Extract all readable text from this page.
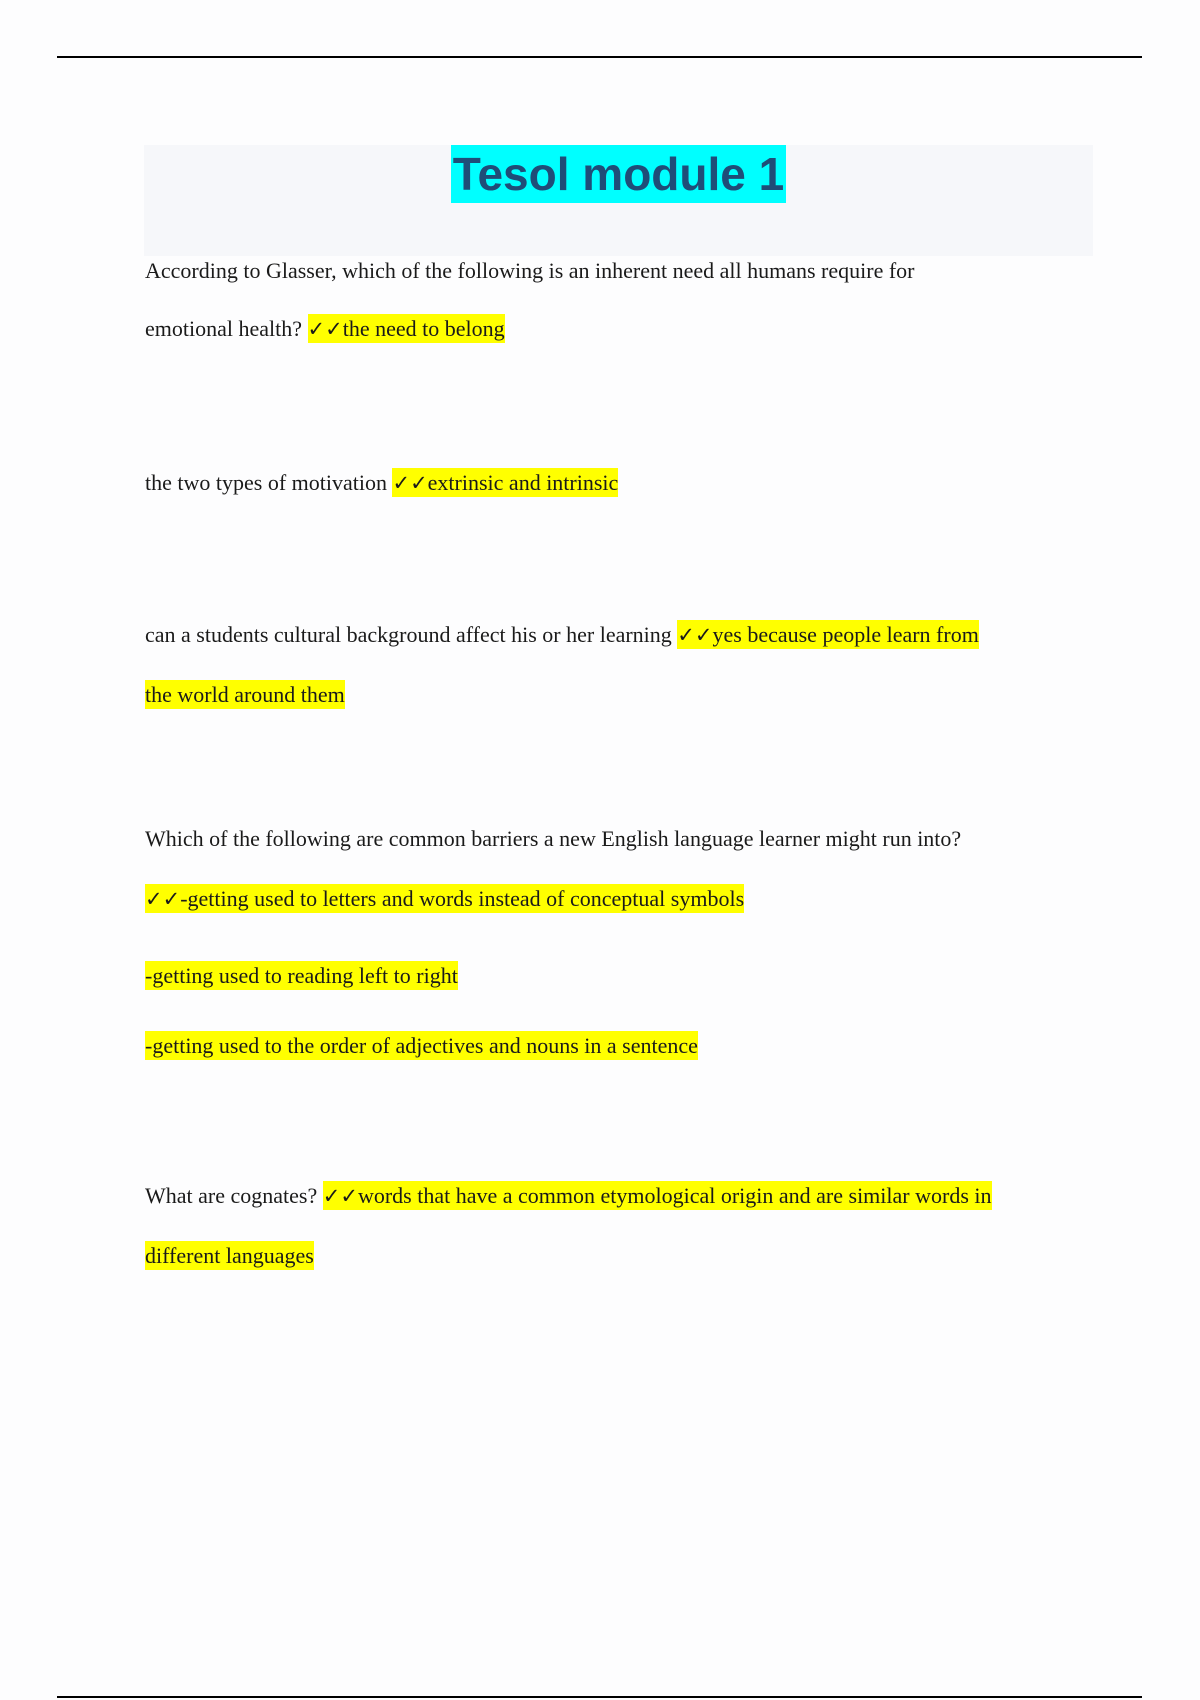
Tesol module 1
According to Glasser, which of the following is an inherent need all humans require for
emotional health? ✓✓the need to belong
the two types of motivation ✓✓extrinsic and intrinsic
can a students cultural background affect his or her learning ✓✓yes because people learn from
the world around them
Which of the following are common barriers a new English language learner might run into?
✓✓-getting used to letters and words instead of conceptual symbols
-getting used to reading left to right
-getting used to the order of adjectives and nouns in a sentence
What are cognates? ✓✓words that have a common etymological origin and are similar words in
different languages
